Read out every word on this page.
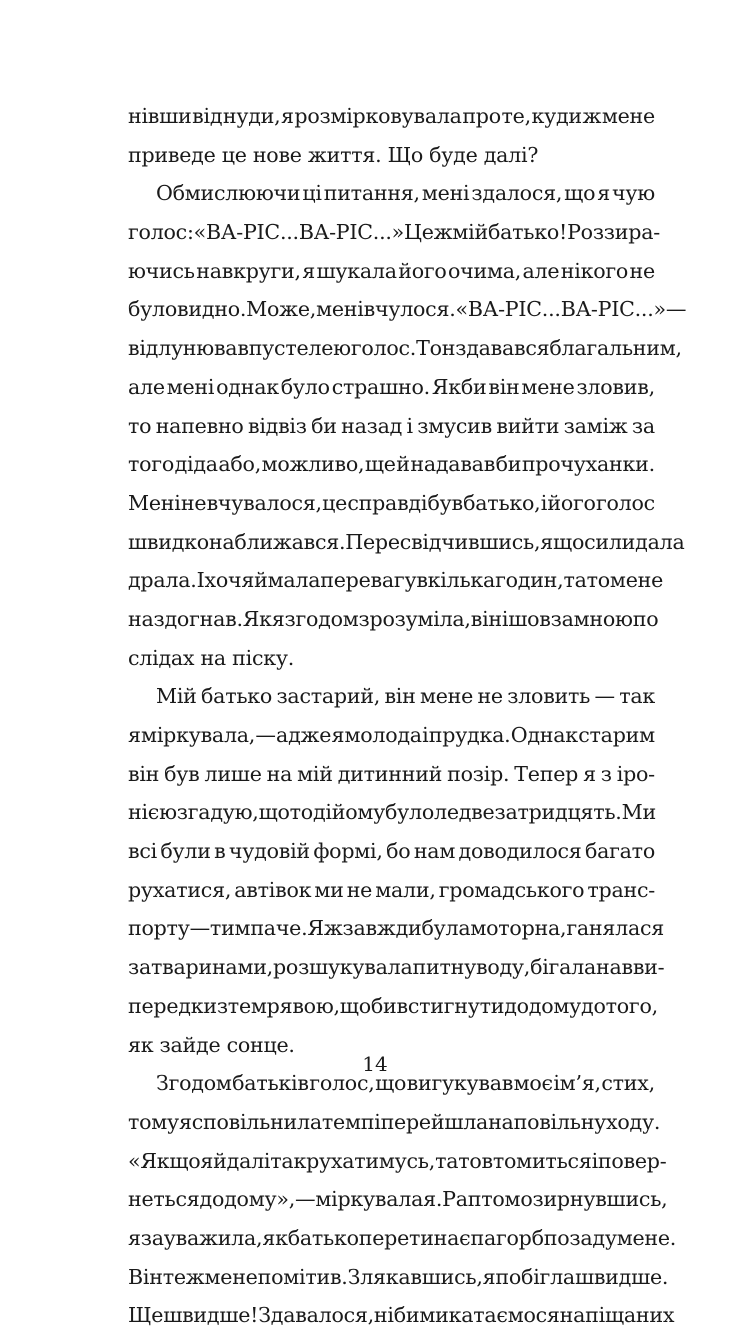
нівши від нуди, я розмірковувала про те, куди ж мене
приведе це нове життя. Що буде далі?
Обмислюючи ці питання, мені здалося, що я чую
голос: «ВА-РІС... ВА-РІС...» Це ж мій батько! Роззира-
ючись навкруги, я шукала його очима, але нікого не
було видно. Може, мені вчулося. «ВА-РІС... ВА-РІС...» —
відлунював пустелею голос. Тон здавався благальним,
але мені однак було страшно. Якби він мене зловив,
то напевно відвіз би назад і змусив вийти заміж за
того діда або, можливо, ще й надавав би прочуханки.
Мені не вчувалося, це справді був батько, і його голос
швидко наближався. Пересвідчившись, я щосили дала
драла. І хоч я й мала перевагу в кілька годин, тато мене
наздогнав. Як я згодом зрозуміла, він ішов за мною по
слідах на піску.
Мій батько застарий, він мене не зловить — так
я міркувала, — адже я молода і прудка. Однак старим
він був лише на мій дитинний позір. Тепер я з іро-
нією згадую, що тоді йому було ледве за тридцять. Ми
всі були в чудовій формі, бо нам доводилося багато
рухатися, автівок ми не мали, громадського транс-
порту — тим паче. Я ж завжди була моторна, ганялася
за тваринами, розшукувала питну воду, бігала навви-
передки з темрявою, щоби встигнути додому до того,
як зайде сонце.
Згодом батьків голос, що вигукував моє ім’я, стих,
тому я сповільнила темп і перейшла на повільну ходу.
«Якщо я й далі так рухатимусь, тато втомиться і повер-
неться додому», — міркувала я. Раптом озирнувшись,
я зауважила, як батько перетинає пагорб позаду мене.
Він теж мене помітив. Злякавшись, я побігла швидше.
Ще швидше! Здавалося, ніби ми катаємося на піщаних
14
